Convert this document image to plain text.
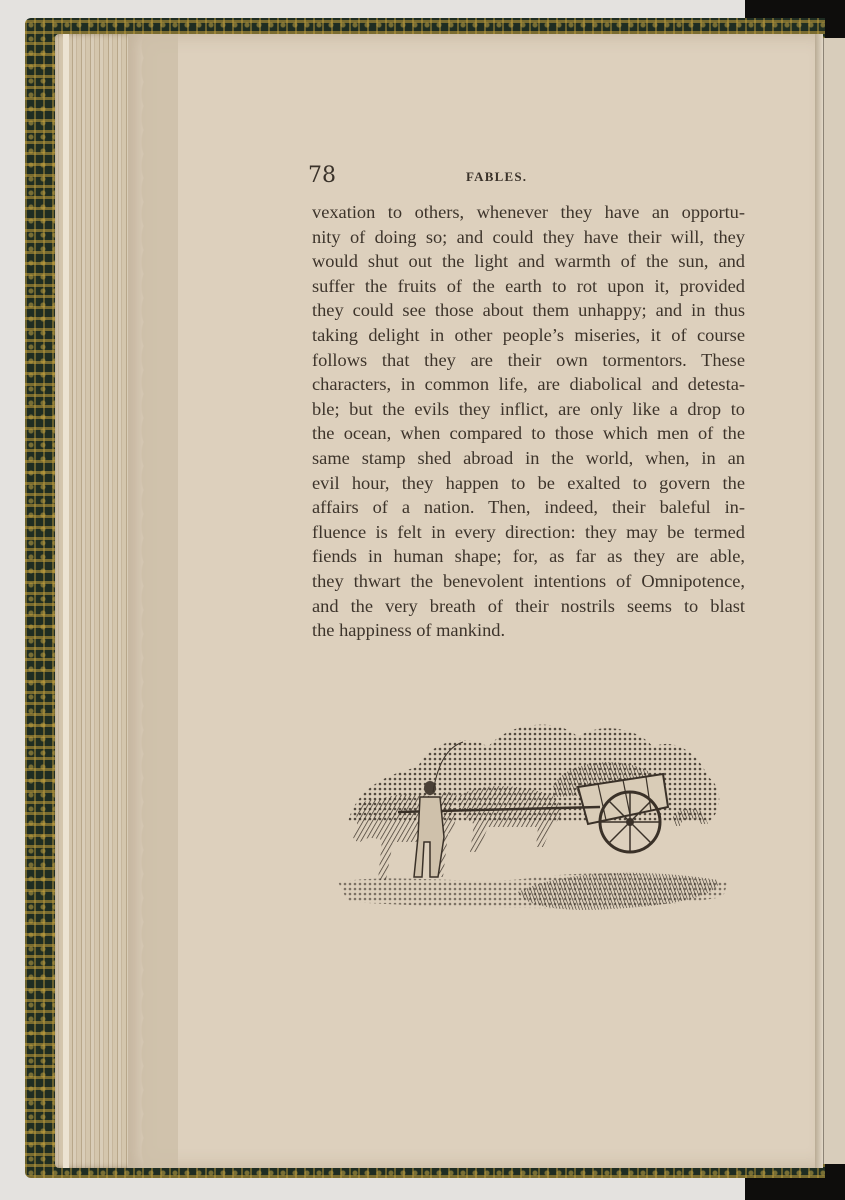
78	FABLES.
vexation to others, whenever they have an opportu-
nity of doing so; and could they have their will, they
would shut out the light and warmth of the sun, and
suffer the fruits of the earth to rot upon it, provided
they could see those about them unhappy; and in thus
taking delight in other people’s miseries, it of course
follows that they are their own tormentors. These
characters, in common life, are diabolical and detesta-
ble; but the evils they inflict, are only like a drop to
the ocean, when compared to those which men of the
same stamp shed abroad in the world, when, in an
evil hour, they happen to be exalted to govern the
affairs of a nation. Then, indeed, their baleful in-
fluence is felt in every direction: they may be termed
fiends in human shape; for, as far as they are able,
they thwart the benevolent intentions of Omnipotence,
and the very breath of their nostrils seems to blast
the happiness of mankind.
